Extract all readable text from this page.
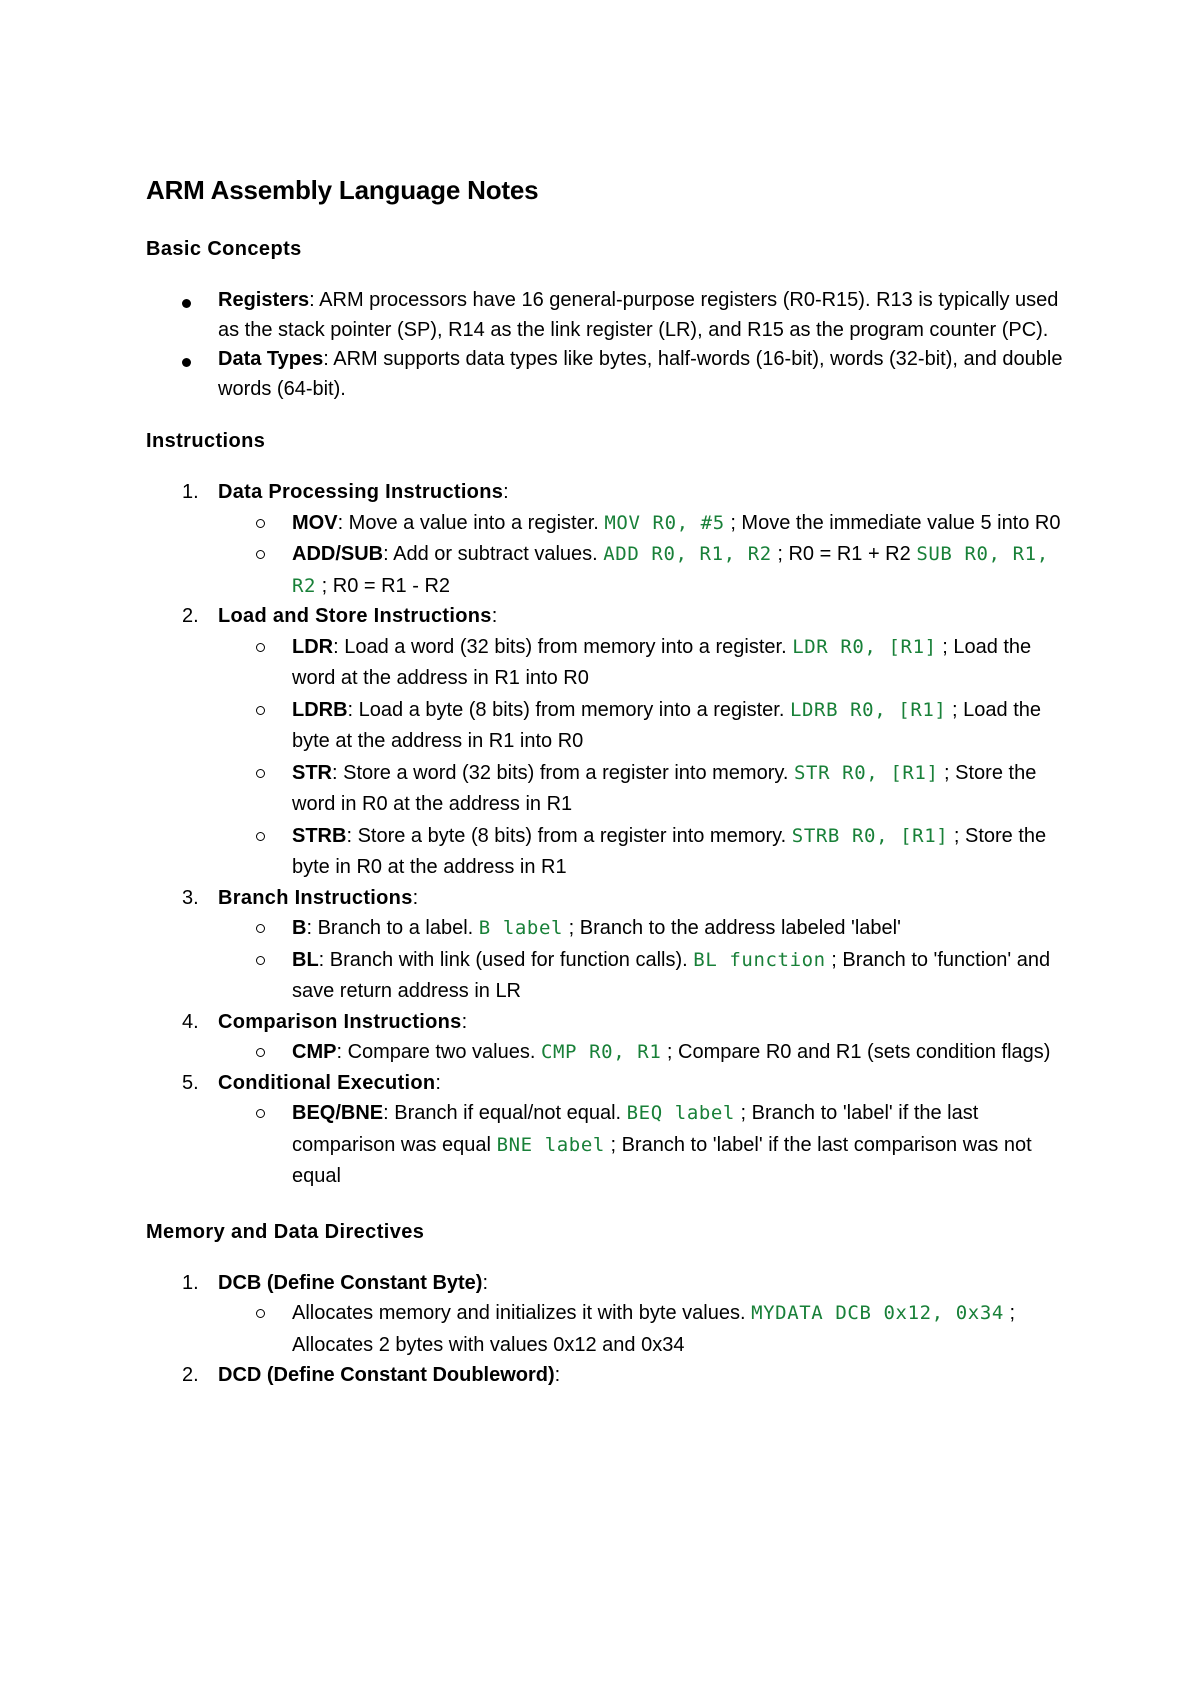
ARM Assembly Language Notes
Basic Concepts
Registers: ARM processors have 16 general-purpose registers (R0-R15). R13 is typically used as the stack pointer (SP), R14 as the link register (LR), and R15 as the program counter (PC).
Data Types: ARM supports data types like bytes, half-words (16-bit), words (32-bit), and double words (64-bit).
Instructions
1. Data Processing Instructions:
MOV: Move a value into a register. MOV R0, #5 ; Move the immediate value 5 into R0
ADD/SUB: Add or subtract values. ADD R0, R1, R2 ; R0 = R1 + R2 SUB R0, R1, R2 ; R0 = R1 - R2
2. Load and Store Instructions:
LDR: Load a word (32 bits) from memory into a register. LDR R0, [R1] ; Load the word at the address in R1 into R0
LDRB: Load a byte (8 bits) from memory into a register. LDRB R0, [R1] ; Load the byte at the address in R1 into R0
STR: Store a word (32 bits) from a register into memory. STR R0, [R1] ; Store the word in R0 at the address in R1
STRB: Store a byte (8 bits) from a register into memory. STRB R0, [R1] ; Store the byte in R0 at the address in R1
3. Branch Instructions:
B: Branch to a label. B label ; Branch to the address labeled 'label'
BL: Branch with link (used for function calls). BL function ; Branch to 'function' and save return address in LR
4. Comparison Instructions:
CMP: Compare two values. CMP R0, R1 ; Compare R0 and R1 (sets condition flags)
5. Conditional Execution:
BEQ/BNE: Branch if equal/not equal. BEQ label ; Branch to 'label' if the last comparison was equal BNE label ; Branch to 'label' if the last comparison was not equal
Memory and Data Directives
1. DCB (Define Constant Byte):
Allocates memory and initializes it with byte values. MYDATA DCB 0x12, 0x34 ; Allocates 2 bytes with values 0x12 and 0x34
2. DCD (Define Constant Doubleword):
